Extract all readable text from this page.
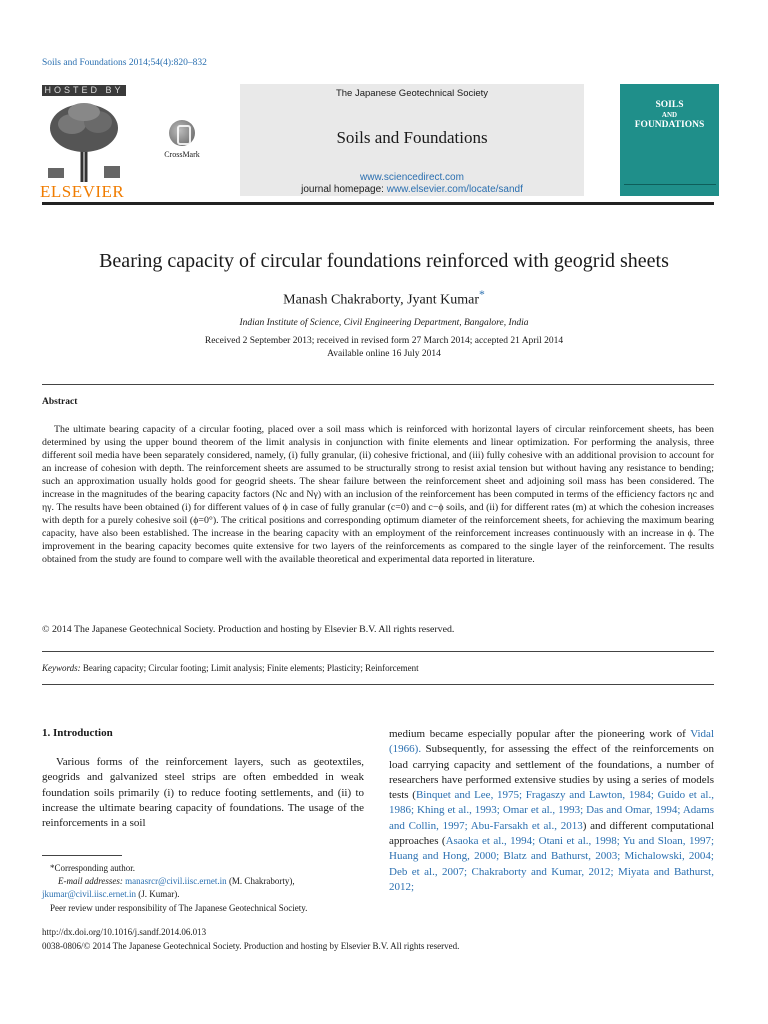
Soils and Foundations 2014;54(4):820–832
HOSTED BY
ELSEVIER
CrossMark
The Japanese Geotechnical Society
Soils and Foundations
www.sciencedirect.com
journal homepage: www.elsevier.com/locate/sandf
SOILS
AND
FOUNDATIONS
Bearing capacity of circular foundations reinforced with geogrid sheets
Manash Chakraborty, Jyant Kumar*
Indian Institute of Science, Civil Engineering Department, Bangalore, India
Received 2 September 2013; received in revised form 27 March 2014; accepted 21 April 2014
Available online 16 July 2014
Abstract

The ultimate bearing capacity of a circular footing, placed over a soil mass which is reinforced with horizontal layers of circular reinforcement sheets, has been determined by using the upper bound theorem of the limit analysis in conjunction with finite elements and linear optimization. For performing the analysis, three different soil media have been separately considered, namely, (i) fully granular, (ii) cohesive frictional, and (iii) fully cohesive with an additional provision to account for an increase of cohesion with depth. The reinforcement sheets are assumed to be structurally strong to resist axial tension but without having any resistance to bending; such an approximation usually holds good for geogrid sheets. The shear failure between the reinforcement sheet and adjoining soil mass has been considered. The increase in the magnitudes of the bearing capacity factors (Nc and Nγ) with an inclusion of the reinforcement has been computed in terms of the efficiency factors ηc and ηγ. The results have been obtained (i) for different values of ϕ in case of fully granular (c=0) and c−ϕ soils, and (ii) for different rates (m) at which the cohesion increases with depth for a purely cohesive soil (ϕ=0°). The critical positions and corresponding optimum diameter of the reinforcement sheets, for achieving the maximum bearing capacity, have also been established. The increase in the bearing capacity with an employment of the reinforcement increases continuously with an increase in ϕ. The improvement in the bearing capacity becomes quite extensive for two layers of the reinforcements as compared to the single layer of the reinforcement. The results obtained from the study are found to compare well with the available theoretical and experimental data reported in literature.

© 2014 The Japanese Geotechnical Society. Production and hosting by Elsevier B.V. All rights reserved.
Keywords: Bearing capacity; Circular footing; Limit analysis; Finite elements; Plasticity; Reinforcement
1. Introduction

Various forms of the reinforcement layers, such as geotextiles, geogrids and galvanized steel strips are often embedded in weak foundation soils primarily (i) to reduce footing settlements, and (ii) to increase the ultimate bearing capacity of foundations. The usage of the reinforcements in a soil

medium became especially popular after the pioneering work of Vidal (1966). Subsequently, for assessing the effect of the reinforcements on load carrying capacity and settlement of the foundations, a number of researchers have performed extensive studies by using a series of models tests (Binquet and Lee, 1975; Fragaszy and Lawton, 1984; Guido et al., 1986; Khing et al., 1993; Omar et al., 1993; Das and Omar, 1994; Adams and Collin, 1997; Abu-Farsakh et al., 2013) and different computational approaches (Asaoka et al., 1994; Otani et al., 1998; Yu and Sloan, 1997; Huang and Hong, 2000; Blatz and Bathurst, 2003; Michalowski, 2004; Deb et al., 2007; Chakraborty and Kumar, 2012; Miyata and Bathurst, 2012;

*Corresponding author.
E-mail addresses: manasrcr@civil.iisc.ernet.in (M. Chakraborty),
jkumar@civil.iisc.ernet.in (J. Kumar).
Peer review under responsibility of The Japanese Geotechnical Society.
http://dx.doi.org/10.1016/j.sandf.2014.06.013
0038-0806/© 2014 The Japanese Geotechnical Society. Production and hosting by Elsevier B.V. All rights reserved.
